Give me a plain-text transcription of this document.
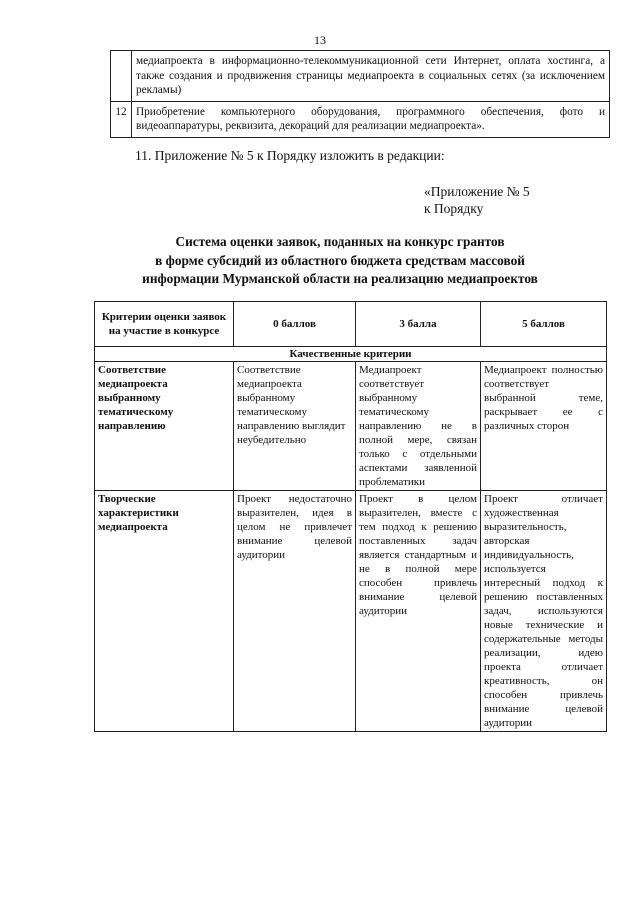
13
	медиапроекта в информационно-телекоммуникационной сети Интернет, оплата хостинга, а также создания и продвижения страницы медиапроекта в социальных сетях (за исключением рекламы)
12	Приобретение компьютерного оборудования, программного обеспечения, фото и видеоаппаратуры, реквизита, декораций для реализации медиапроекта».
11. Приложение № 5 к Порядку изложить в редакции:
«Приложение № 5
к Порядку
Система оценки заявок, поданных на конкурс грантов
в форме субсидий из областного бюджета средствам массовой
информации Мурманской области на реализацию медиапроектов
Критерии оценки заявок на участие в конкурсе	0 баллов	3 балла	5 баллов
Качественные критерии			
Соответствие медиапроекта выбранному тематическому направлению	Соответствие медиапроекта выбранному тематическому направлению выглядит неубедительно	Медиапроект соответствует выбранному тематическому направлению не в полной мере, связан только с отдельными аспектами заявленной проблематики	Медиапроект полностью соответствует выбранной теме, раскрывает ее с различных сторон
Творческие характеристики медиапроекта	Проект недостаточно выразителен, идея в целом не привлечет внимание целевой аудитории	Проект в целом выразителен, вместе с тем подход к решению поставленных задач является стандартным и не в полной мере способен привлечь внимание целевой аудитории	Проект отличает художественная выразительность, авторская индивидуальность, используется интересный подход к решению поставленных задач, используются новые технические и содержательные методы реализации, идею проекта отличает креативность, он способен привлечь внимание целевой аудитории
